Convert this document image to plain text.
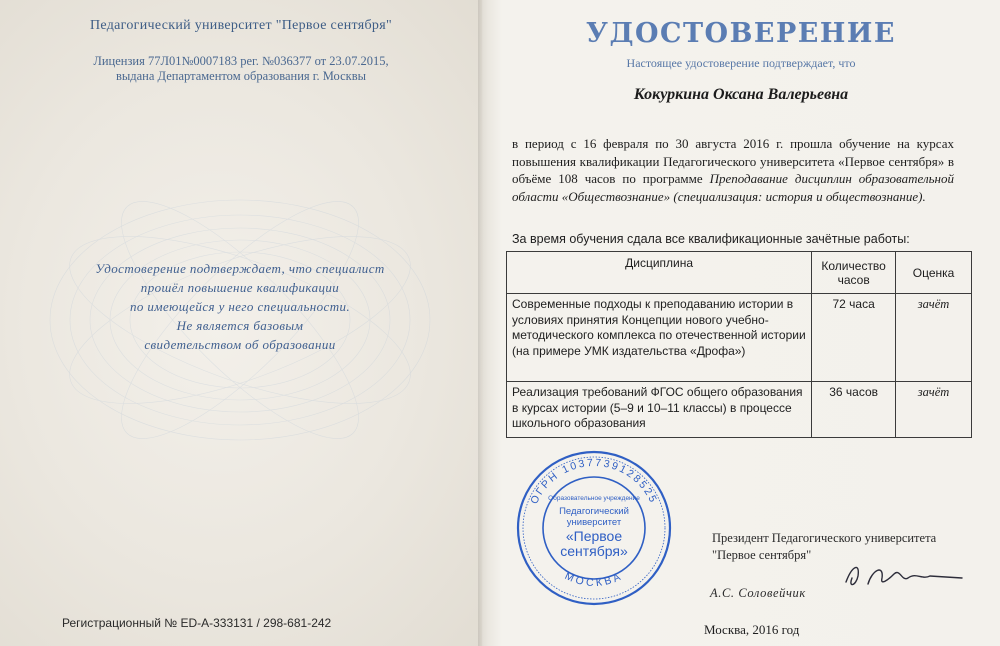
Педагогический университет "Первое сентября"
Лицензия 77Л01№0007183 рег. №036377 от 23.07.2015,
выдана Департаментом образования г. Москвы
Удостоверение подтверждает, что специалист
прошёл повышение квалификации
по имеющейся у него специальности.
Не является базовым
свидетельством об образовании
Регистрационный № ED-A-333131 / 298-681-242
УДОСТОВЕРЕНИЕ
Настоящее удостоверение подтверждает, что
Кокуркина Оксана Валерьевна
в период с 16 февраля по 30 августа 2016 г. прошла обучение на курсах повышения квалификации Педагогического университета «Первое сентября» в объёме 108 часов по программе Преподавание дисциплин образовательной области «Обществознание» (специализация: история и обществознание).
За время обучения сдала все квалификационные зачётные работы:
Дисциплина	Количество часов	Оценка
Современные подходы к преподаванию истории в условиях принятия Концепции нового учебно-методического комплекса по отечественной истории (на примере УМК издательства «Дрофа»)	72 часа	зачёт
Реализация требований ФГОС общего образования в курсах истории (5–9 и 10–11 классы) в процессе школьного образования	36 часов	зачёт
ОГРН 1037739128525
МОСКВА
Образовательное учреждение
Педагогический
университет
«Первое
сентября»
Президент Педагогического университета
"Первое сентября"
А.С. Соловейчик
Москва, 2016 год
